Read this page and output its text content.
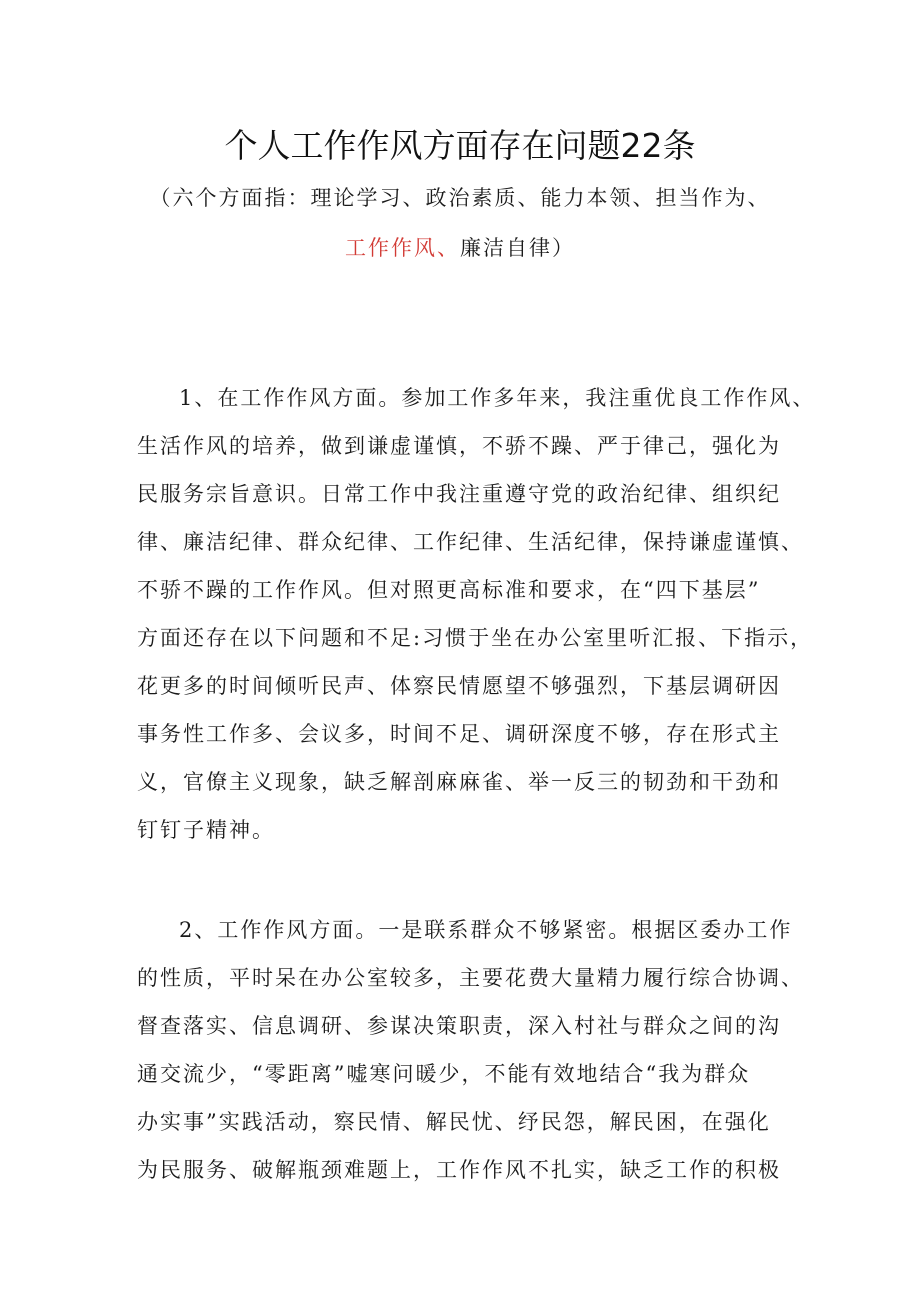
个人工作作风方面存在问题22条
（六个方面指：理论学习、政治素质、能力本领、担当作为、
工作作风、廉洁自律）
1、在工作作风方面。参加工作多年来，我注重优良工作作风、
生活作风的培养，做到谦虚谨慎，不骄不躁、严于律己，强化为
民服务宗旨意识。日常工作中我注重遵守党的政治纪律、组织纪
律、廉洁纪律、群众纪律、工作纪律、生活纪律，保持谦虚谨慎、
不骄不躁的工作作风。但对照更高标准和要求，在“四下基层”
方面还存在以下问题和不足:习惯于坐在办公室里听汇报、下指示，
花更多的时间倾听民声、体察民情愿望不够强烈，下基层调研因
事务性工作多、会议多，时间不足、调研深度不够，存在形式主
义，官僚主义现象，缺乏解剖麻麻雀、举一反三的韧劲和干劲和
钉钉子精神。
2、工作作风方面。一是联系群众不够紧密。根据区委办工作
的性质，平时呆在办公室较多，主要花费大量精力履行综合协调、
督查落实、信息调研、参谋决策职责，深入村社与群众之间的沟
通交流少，“零距离”嘘寒问暖少，不能有效地结合“我为群众
办实事”实践活动，察民情、解民忧、纾民怨，解民困，在强化
为民服务、破解瓶颈难题上，工作作风不扎实，缺乏工作的积极
